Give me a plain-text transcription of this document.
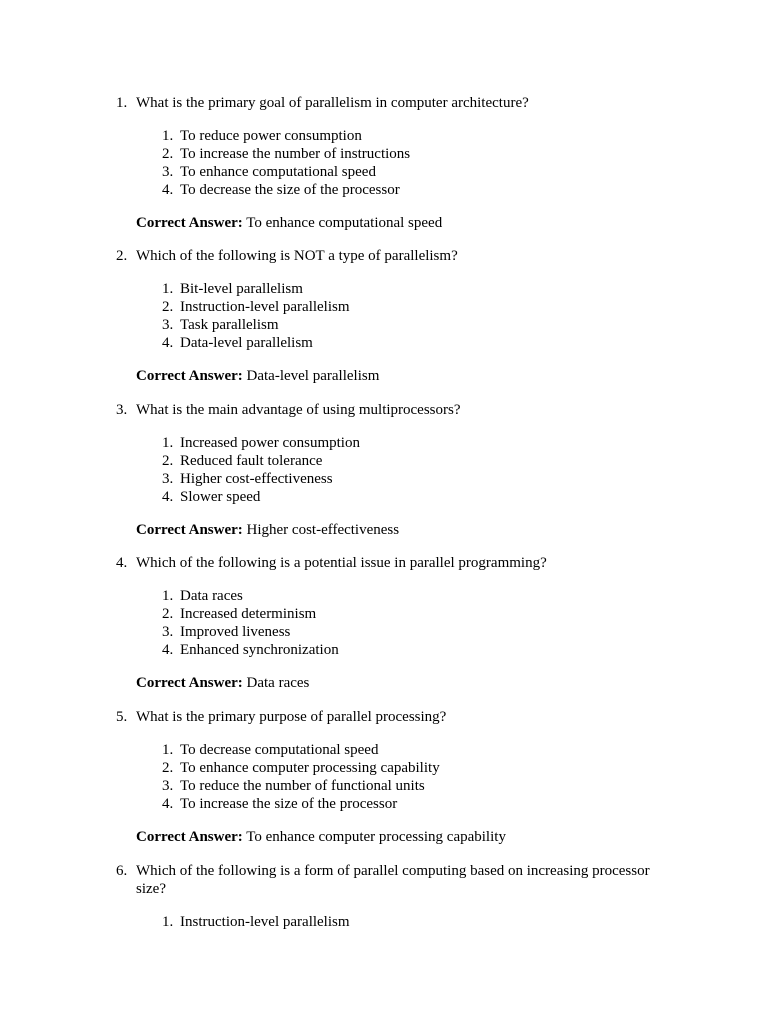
1. What is the primary goal of parallelism in computer architecture?
1. To reduce power consumption
2. To increase the number of instructions
3. To enhance computational speed
4. To decrease the size of the processor
Correct Answer: To enhance computational speed
2. Which of the following is NOT a type of parallelism?
1. Bit-level parallelism
2. Instruction-level parallelism
3. Task parallelism
4. Data-level parallelism
Correct Answer: Data-level parallelism
3. What is the main advantage of using multiprocessors?
1. Increased power consumption
2. Reduced fault tolerance
3. Higher cost-effectiveness
4. Slower speed
Correct Answer: Higher cost-effectiveness
4. Which of the following is a potential issue in parallel programming?
1. Data races
2. Increased determinism
3. Improved liveness
4. Enhanced synchronization
Correct Answer: Data races
5. What is the primary purpose of parallel processing?
1. To decrease computational speed
2. To enhance computer processing capability
3. To reduce the number of functional units
4. To increase the size of the processor
Correct Answer: To enhance computer processing capability
6. Which of the following is a form of parallel computing based on increasing processor size?
1. Instruction-level parallelism
